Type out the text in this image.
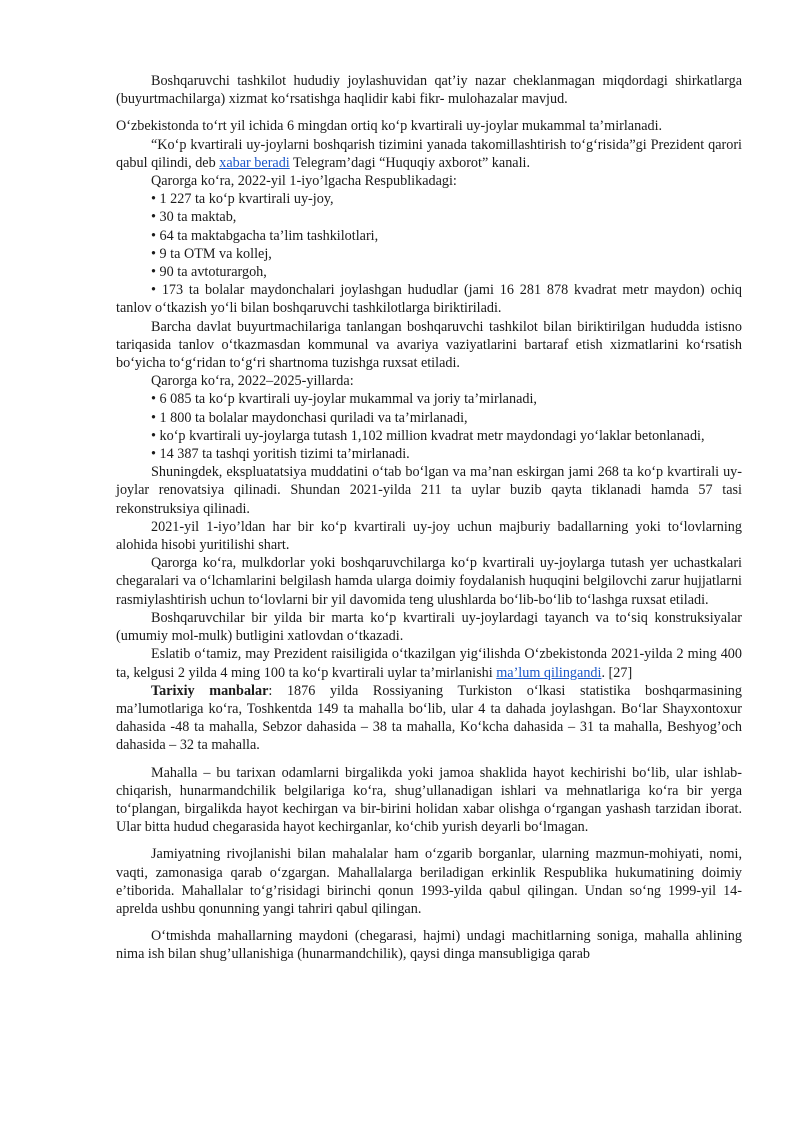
Boshqaruvchi tashkilot hududiy joylashuvidan qat’iy nazar cheklanmagan miqdordagi shirkatlarga (buyurtmachilarga) xizmat ko‘rsatishga haqlidir kabi fikr- mulohazalar mavjud.

O‘zbekistonda to‘rt yil ichida 6 mingdan ortiq ko‘p kvartirali uy-joylar mukammal ta’mirlanadi.

“Ko‘p kvartirali uy-joylarni boshqarish tizimini yanada takomillashtirish to‘g‘risida”gi Prezident qarori qabul qilindi, deb xabar beradi Telegram’dagi “Huquqiy axborot” kanali.

Qarorga ko‘ra, 2022-yil 1-iyo’lgacha Respublikadagi:

• 1 227 ta ko‘p kvartirali uy-joy,

• 30 ta maktab,

• 64 ta maktabgacha ta’lim tashkilotlari,

• 9 ta OTM va kollej,

• 90 ta avtoturargoh,

• 173 ta bolalar maydonchalari joylashgan hududlar (jami 16 281 878 kvadrat metr maydon) ochiq tanlov o‘tkazish yo‘li bilan boshqaruvchi tashkilotlarga biriktiriladi.

Barcha davlat buyurtmachilariga tanlangan boshqaruvchi tashkilot bilan biriktirilgan hududda istisno tariqasida tanlov o‘tkazmasdan kommunal va avariya vaziyatlarini bartaraf etish xizmatlarini ko‘rsatish bo‘yicha to‘g‘ridan to‘g‘ri shartnoma tuzishga ruxsat etiladi.

Qarorga ko‘ra, 2022–2025-yillarda:

• 6 085 ta ko‘p kvartirali uy-joylar mukammal va joriy ta’mirlanadi,

• 1 800 ta bolalar maydonchasi quriladi va ta’mirlanadi,

• ko‘p kvartirali uy-joylarga tutash 1,102 million kvadrat metr maydondagi yo‘laklar betonlanadi,

• 14 387 ta tashqi yoritish tizimi ta’mirlanadi.

Shuningdek, ekspluatatsiya muddatini o‘tab bo‘lgan va ma’nan eskirgan jami 268 ta ko‘p kvartirali uy-joylar renovatsiya qilinadi. Shundan 2021-yilda 211 ta uylar buzib qayta tiklanadi hamda 57 tasi rekonstruksiya qilinadi.

2021-yil 1-iyo’ldan har bir ko‘p kvartirali uy-joy uchun majburiy badallarning yoki to‘lovlarning alohida hisobi yuritilishi shart.

Qarorga ko‘ra, mulkdorlar yoki boshqaruvchilarga ko‘p kvartirali uy-joylarga tutash yer uchastkalari chegaralari va o‘lchamlarini belgilash hamda ularga doimiy foydalanish huquqini belgilovchi zarur hujjatlarni rasmiylashtirish uchun to‘lovlarni bir yil davomida teng ulushlarda bo‘lib-bo‘lib to‘lashga ruxsat etiladi.

Boshqaruvchilar bir yilda bir marta ko‘p kvartirali uy-joylardagi tayanch va to‘siq konstruksiyalar (umumiy mol-mulk) butligini xatlovdan o‘tkazadi.

Eslatib o‘tamiz, may Prezident raisiligida o‘tkazilgan yig‘ilishda O‘zbekistonda 2021-yilda 2 ming 400 ta, kelgusi 2 yilda 4 ming 100 ta ko‘p kvartirali uylar ta’mirlanishi ma’lum qilingandi. [27]

Tarixiy manbalar: 1876 yilda Rossiyaning Turkiston o‘lkasi statistika boshqarmasining ma’lumotlariga ko‘ra, Toshkentda 149 ta mahalla bo‘lib, ular 4 ta dahada joylashgan. Bo‘lar Shayxontoxur dahasida -48 ta mahalla, Sebzor dahasida – 38 ta mahalla, Ko‘kcha dahasida – 31 ta mahalla, Beshyog’och dahasida – 32 ta mahalla.

Mahalla – bu tarixan odamlarni birgalikda yoki jamoa shaklida hayot kechirishi bo‘lib, ular ishlab-chiqarish, hunarmandchilik belgilariga ko‘ra, shug’ullanadigan ishlari va mehnatlariga ko‘ra bir yerga to‘plangan, birgalikda hayot kechirgan va bir-birini holidan xabar olishga o‘rgangan yashash tarzidan iborat. Ular bitta hudud chegarasida hayot kechirganlar, ko‘chib yurish deyarli bo‘lmagan.

Jamiyatning rivojlanishi bilan mahalalar ham o‘zgarib borganlar, ularning mazmun-mohiyati, nomi, vaqti, zamonasiga qarab o‘zgargan. Mahallalarga beriladigan erkinlik Respublika hukumatining doimiy e’tiborida. Mahallalar to‘g’risidagi birinchi qonun 1993-yilda qabul qilingan. Undan so‘ng 1999-yil 14- aprelda ushbu qonunning yangi tahriri qabul qilingan.

O‘tmishda mahallarning maydoni (chegarasi, hajmi) undagi machitlarning soniga, mahalla ahlining nima ish bilan shug’ullanishiga (hunarmandchilik), qaysi dinga mansubligiga qarab
